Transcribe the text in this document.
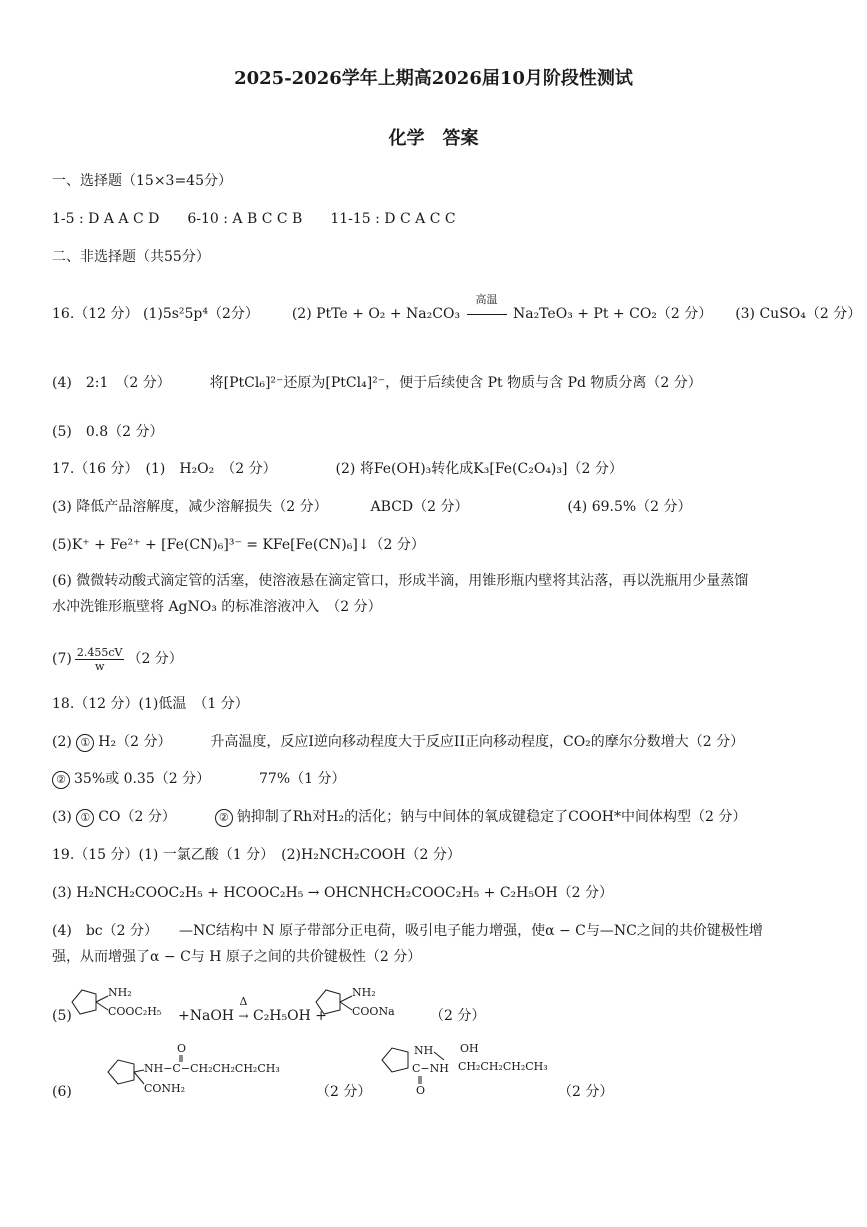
2025-2026学年上期高2026届10月阶段性测试
化学　答案
一、选择题（15×3=45分）
1-5 : D A A C D　　6-10 : A B C C B　　11-15 : D C A C C
二、非选择题（共55分）
16.（12 分） (1)5s²5p⁴（2分） (2) PtTe + O₂ + Na₂CO₃
高温
Na₂TeO₃ + Pt + CO₂（2 分） (3) CuSO₄（2 分）
(4)　2:1　（2 分）	将[PtCl₆]²⁻还原为[PtCl₄]²⁻，便于后续使含 Pt 物质与含 Pd 物质分离（2 分）
(5)　0.8（2 分）
17.（16 分）　(1)　H₂O₂　（2 分）	(2) 将Fe(OH)₃转化成K₃[Fe(C₂O₄)₃]（2 分）
(3) 降低产品溶解度，减少溶解损失（2 分）	ABCD（2 分）	(4) 69.5%（2 分）
(5)K⁺ + Fe²⁺ + [Fe(CN)₆]³⁻ = KFe[Fe(CN)₆]↓（2 分）
(6) 微微转动酸式滴定管的活塞，使溶液悬在滴定管口，形成半滴，用锥形瓶内壁将其沾落，再以洗瓶用少量蒸馏
水冲洗锥形瓶壁将 AgNO₃ 的标准溶液冲入　（2 分）
$(7) \frac{2.455cV}{w} (2$ 分）
18.（12 分）(1)低温　（1 分）
(2) ① H₂（2 分）	升高温度，反应I逆向移动程度大于反应II正向移动程度，CO₂的摩尔分数增大（2 分）
② 35%或 0.35（2 分）	77%（1 分）
(3) ① CO（2 分）	② 钠抑制了Rh对H₂的活化；钠与中间体的氧成键稳定了COOH*中间体构型（2 分）
19.（15 分）(1) 一氯乙酸（1 分）　(2)H₂NCH₂COOH（2 分）
(3) H₂NCH₂COOC₂H₅ + HCOOC₂H₅ → OHCNHCH₂COOC₂H₅ + C₂H₅OH（2 分）
(4)　bc（2 分）　　—NC结构中 N 原子带部分正电荷，吸引电子能力增强，使α − C与—NC之间的共价键极性增
强，从而增强了α − C与 H 原子之间的共价键极性（2 分）
(5)
NH₂
COOC₂H₅ +NaOH
Δ
→ C₂H₅OH +
NH₂
COONa	（2 分）
(6)
NH−C−CH₂CH₂CH₂CH₃
O
CONH₂	（2 分）
NH
C−NH
O
OH
CH₂CH₂CH₂CH₃
（2 分）
